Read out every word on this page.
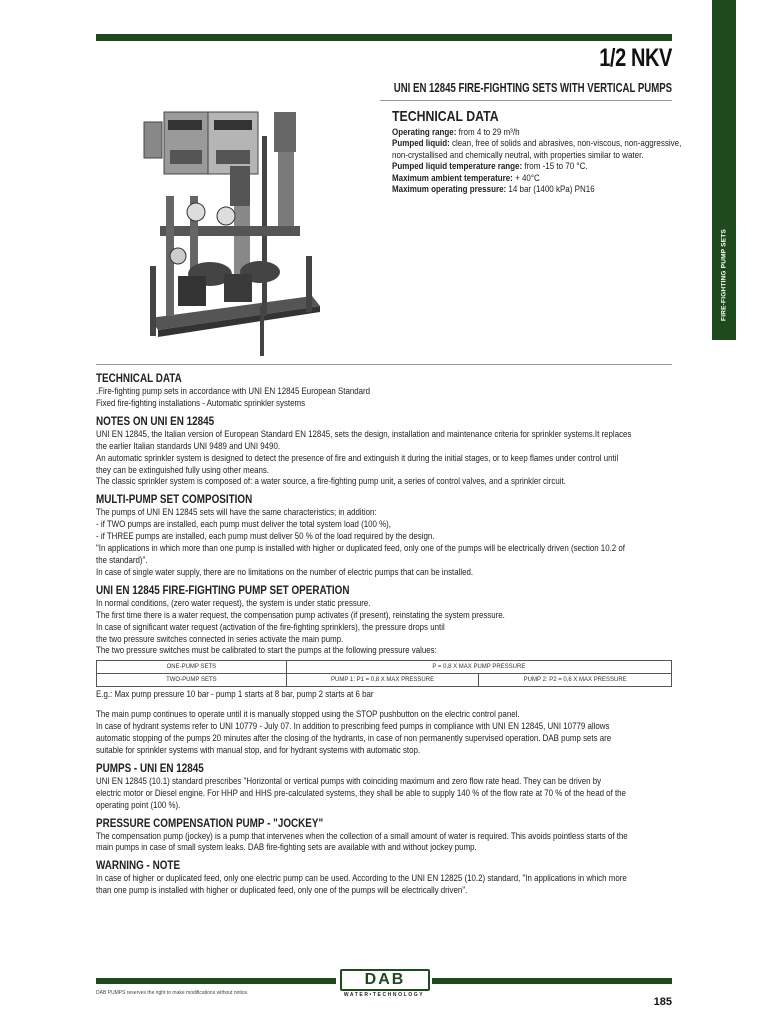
FIRE-FIGHTING PUMP SETS
1/2 NKV
UNI EN 12845 FIRE-FIGHTING SETS WITH VERTICAL PUMPS
TECHNICAL DATA

Operating range: from 4 to 29 m³/h

Pumped liquid: clean, free of solids and abrasives, non-viscous, non-aggressive, non-crystallised and chemically neutral, with properties similar to water.

Pumped liquid temperature range: from -15 to 70 °C.

Maximum ambient temperature: + 40°C

Maximum operating pressure: 14 bar (1400 kPa) PN16

TECHNICAL DATA
.Fire-fighting pump sets in accordance with UNI EN 12845 European Standard
Fixed fire-fighting installations - Automatic sprinkler systems
NOTES ON UNI EN 12845
UNI EN 12845, the Italian version of European Standard EN 12845, sets the design, installation and maintenance criteria for sprinkler systems.It replaces
the earlier Italian standards UNI 9489 and UNI 9490.
An automatic sprinkler system is designed to detect the presence of fire and extinguish it during the initial stages, or to keep flames under control until
they can be extinguished fully using other means.
The classic sprinkler system is composed of: a water source, a fire-fighting pump unit, a series of control valves, and a sprinkler circuit.
MULTI-PUMP SET COMPOSITION
The pumps of UNI EN 12845 sets will have the same characteristics; in addition:
- if TWO pumps are installed, each pump must deliver the total system load (100 %),
- if THREE pumps are installed, each pump must deliver 50 % of the load required by the design.
"In applications in which more than one pump is installed with higher or duplicated feed, only one of the pumps will be electrically driven (section 10.2 of
the standard)".
In case of single water supply, there are no limitations on the number of electric pumps that can be installed.
UNI EN 12845 FIRE-FIGHTING PUMP SET OPERATION
In normal conditions, (zero water request), the system is under static pressure.
The first time there is a water request, the compensation pump activates (if present), reinstating the system pressure.
In case of significant water request (activation of the fire-fighting sprinklers), the pressure drops until
the two pressure switches connected in series activate the main pump.
The two pressure switches must be calibrated to start the pumps at the following pressure values:
ONE-PUMP SETS	P = 0,8 X MAX PUMP PRESSURE	
TWO-PUMP SETS	PUMP 1: P1 = 0,8 X MAX PRESSURE	PUMP 2: P2 = 0,6 X MAX PRESSURE
E.g.: Max pump pressure 10 bar - pump 1 starts at 8 bar, pump 2 starts at 6 bar
The main pump continues to operate until it is manually stopped using the STOP pushbutton on the electric control panel.
In case of hydrant systems refer to UNI 10779 - July 07. In addition to prescribing feed pumps in compliance with UNI EN 12845, UNI 10779 allows
automatic stopping of the pumps 20 minutes after the closing of the hydrants, in case of non permanently supervised operation. DAB pump sets are
suitable for sprinkler systems with manual stop, and for hydrant systems with automatic stop.
PUMPS - UNI EN 12845
UNI EN 12845 (10.1) standard prescribes "Horizontal or vertical pumps with coinciding maximum and zero flow rate head. They can be driven by
electric motor or Diesel engine. For HHP and HHS pre-calculated systems, they shall be able to supply 140 % of the flow rate at 70 % of the head of the
operating point (100 %).
PRESSURE COMPENSATION PUMP - "JOCKEY"
The compensation pump (jockey) is a pump that intervenes when the collection of a small amount of water is required. This avoids pointless starts of the
main pumps in case of small system leaks. DAB fire-fighting sets are available with and without jockey pump.
WARNING - NOTE
In case of higher or duplicated feed, only one electric pump can be used. According to the UNI EN 12825 (10.2) standard, "In applications in which more
than one pump is installed with higher or duplicated feed, only one of the pumps will be electrically driven".
DAB
WATER•TECHNOLOGY
DAB PUMPS reserves the right to make modifications without notice.
185
